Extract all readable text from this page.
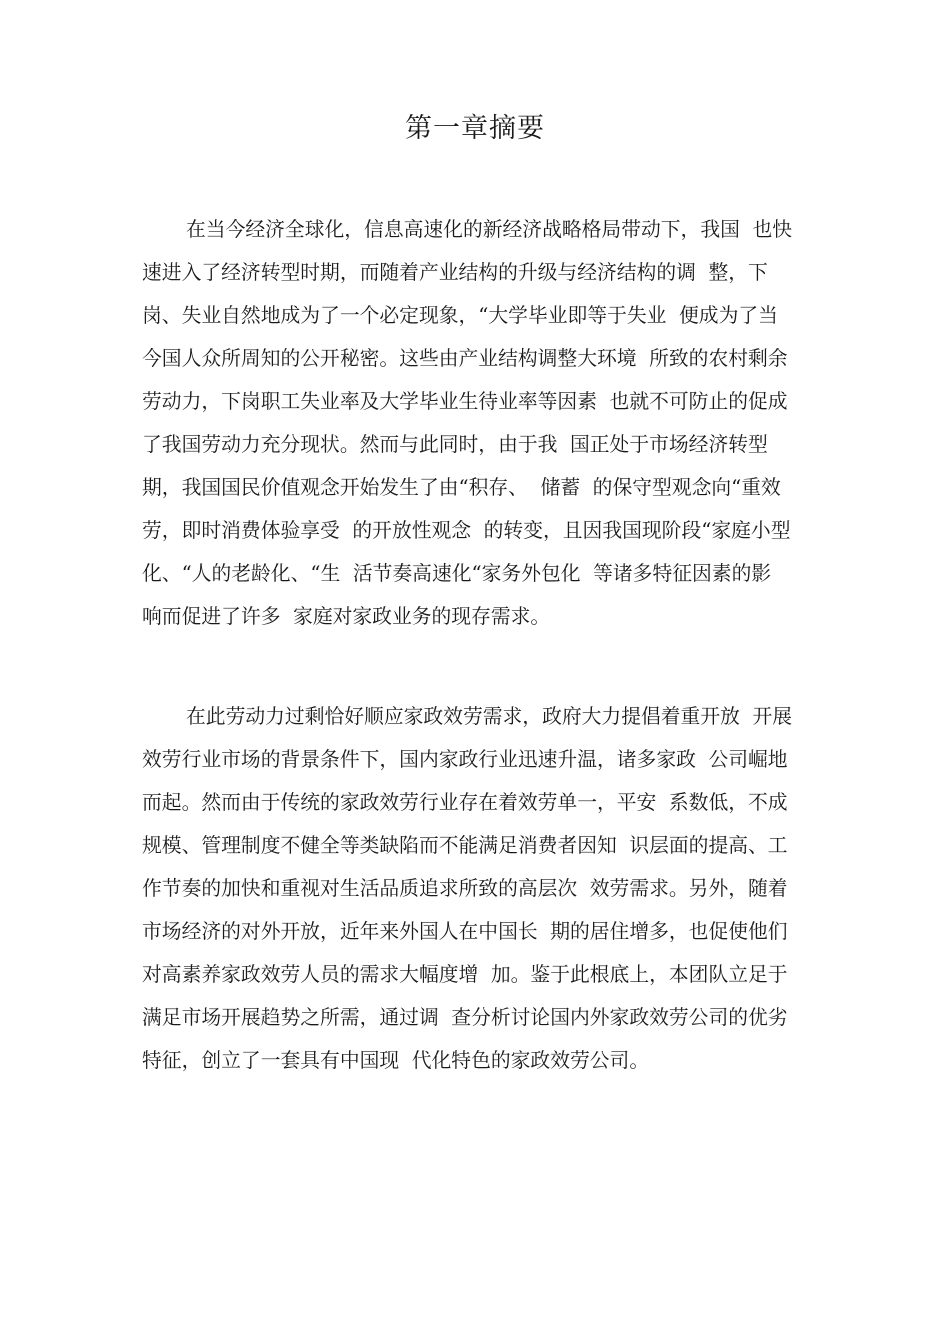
第一章摘要
在当今经济全球化，信息高速化的新经济战略格局带动下，我国  也快
速进入了经济转型时期，而随着产业结构的升级与经济结构的调  整，下
岗、失业自然地成为了一个必定现象，“大学毕业即等于失业  便成为了当
今国人众所周知的公开秘密。这些由产业结构调整大环境  所致的农村剩余
劳动力，下岗职工失业率及大学毕业生待业率等因素  也就不可防止的促成
了我国劳动力充分现状。然而与此同时，由于我  国正处于市场经济转型
期，我国国民价值观念开始发生了由“积存、  储蓄  的保守型观念向“重效
劳，即时消费体验享受  的开放性观念  的转变，且因我国现阶段“家庭小型
化、“人的老龄化、“生  活节奏高速化“家务外包化  等诸多特征因素的影
响而促进了许多  家庭对家政业务的现存需求。
在此劳动力过剩恰好顺应家政效劳需求，政府大力提倡着重开放  开展
效劳行业市场的背景条件下，国内家政行业迅速升温，诸多家政  公司崛地
而起。然而由于传统的家政效劳行业存在着效劳单一，平安  系数低，不成
规模、管理制度不健全等类缺陷而不能满足消费者因知  识层面的提高、工
作节奏的加快和重视对生活品质追求所致的高层次  效劳需求。另外，随着
市场经济的对外开放，近年来外国人在中国长  期的居住增多，也促使他们
对高素养家政效劳人员的需求大幅度增  加。鉴于此根底上，本团队立足于
满足市场开展趋势之所需，通过调  查分析讨论国内外家政效劳公司的优劣
特征，创立了一套具有中国现  代化特色的家政效劳公司。
